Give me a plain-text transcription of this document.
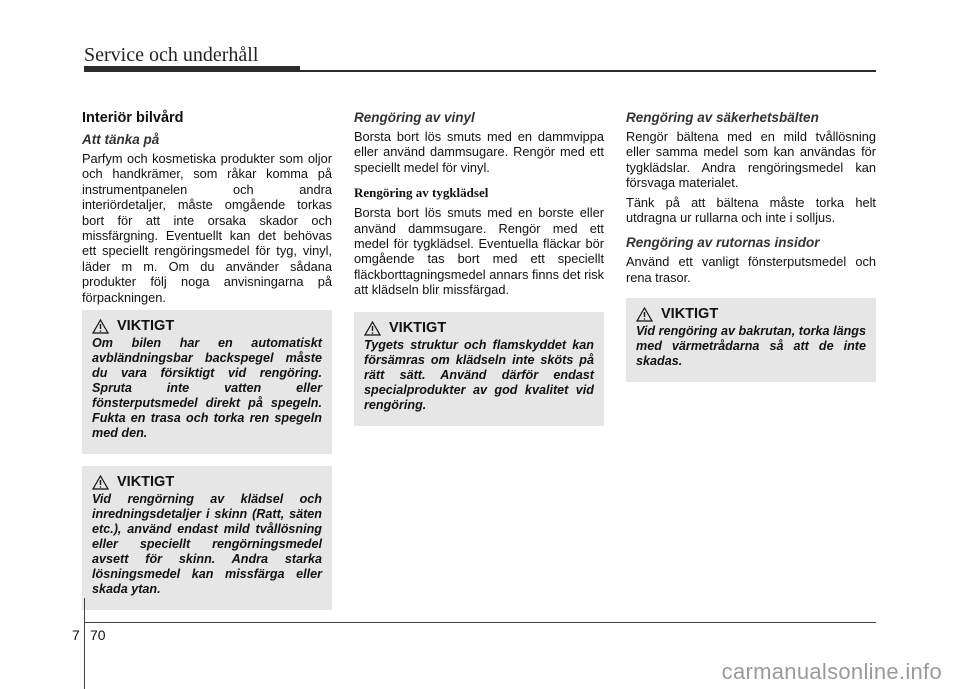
Service och underhåll
Interiör bilvård
Att tänka på

Parfym och kosmetiska produkter som oljor och handkrämer, som råkar komma på instrumentpanelen och andra interiördetaljer, måste omgående torkas bort för att inte orsaka skador och missfärgning. Eventuellt kan det behövas ett speciellt rengöringsmedel för tyg, vinyl, läder m m. Om du använder sådana produkter följ noga anvisningarna på förpackningen.

Rengöring av vinyl

Borsta bort lös smuts med en dammvippa eller använd dammsugare. Rengör med ett speciellt medel för vinyl.

Rengöring av tygklädsel

Borsta bort lös smuts med en borste eller använd dammsugare. Rengör med ett medel för tygklädsel. Eventuella fläckar bör omgående tas bort med ett speciellt fläckborttagningsmedel annars finns det risk att klädseln blir missfärgad.

Rengöring av säkerhetsbälten

Rengör bältena med en mild tvållösning eller samma medel som kan användas för tygklädslar. Andra rengöringsmedel kan försvaga materialet.

Tänk på att bältena måste torka helt utdragna ur rullarna och inte i solljus.

Rengöring av rutornas insidor

Använd ett vanligt fönsterputsmedel och rena trasor.

VIKTIGT

Om bilen har en automatiskt avbländningsbar backspegel måste du vara försiktigt vid rengöring. Spruta inte vatten eller fönsterputsmedel direkt på spegeln. Fukta en trasa och torka ren spegeln med den.

VIKTIGT

Vid rengörning av klädsel och inredningsdetaljer i skinn (Ratt, säten etc.), använd endast mild tvållösning eller speciellt rengörningsmedel avsett för skinn. Andra starka lösningsmedel kan missfärga eller skada ytan.

VIKTIGT

Tygets struktur och flamskyddet kan försämras om klädseln inte sköts på rätt sätt. Använd därför endast specialprodukter av god kvalitet vid rengöring.

VIKTIGT

Vid rengöring av bakrutan, torka längs med värmetrådarna så att de inte skadas.

7 70
carmanualsonline.info
